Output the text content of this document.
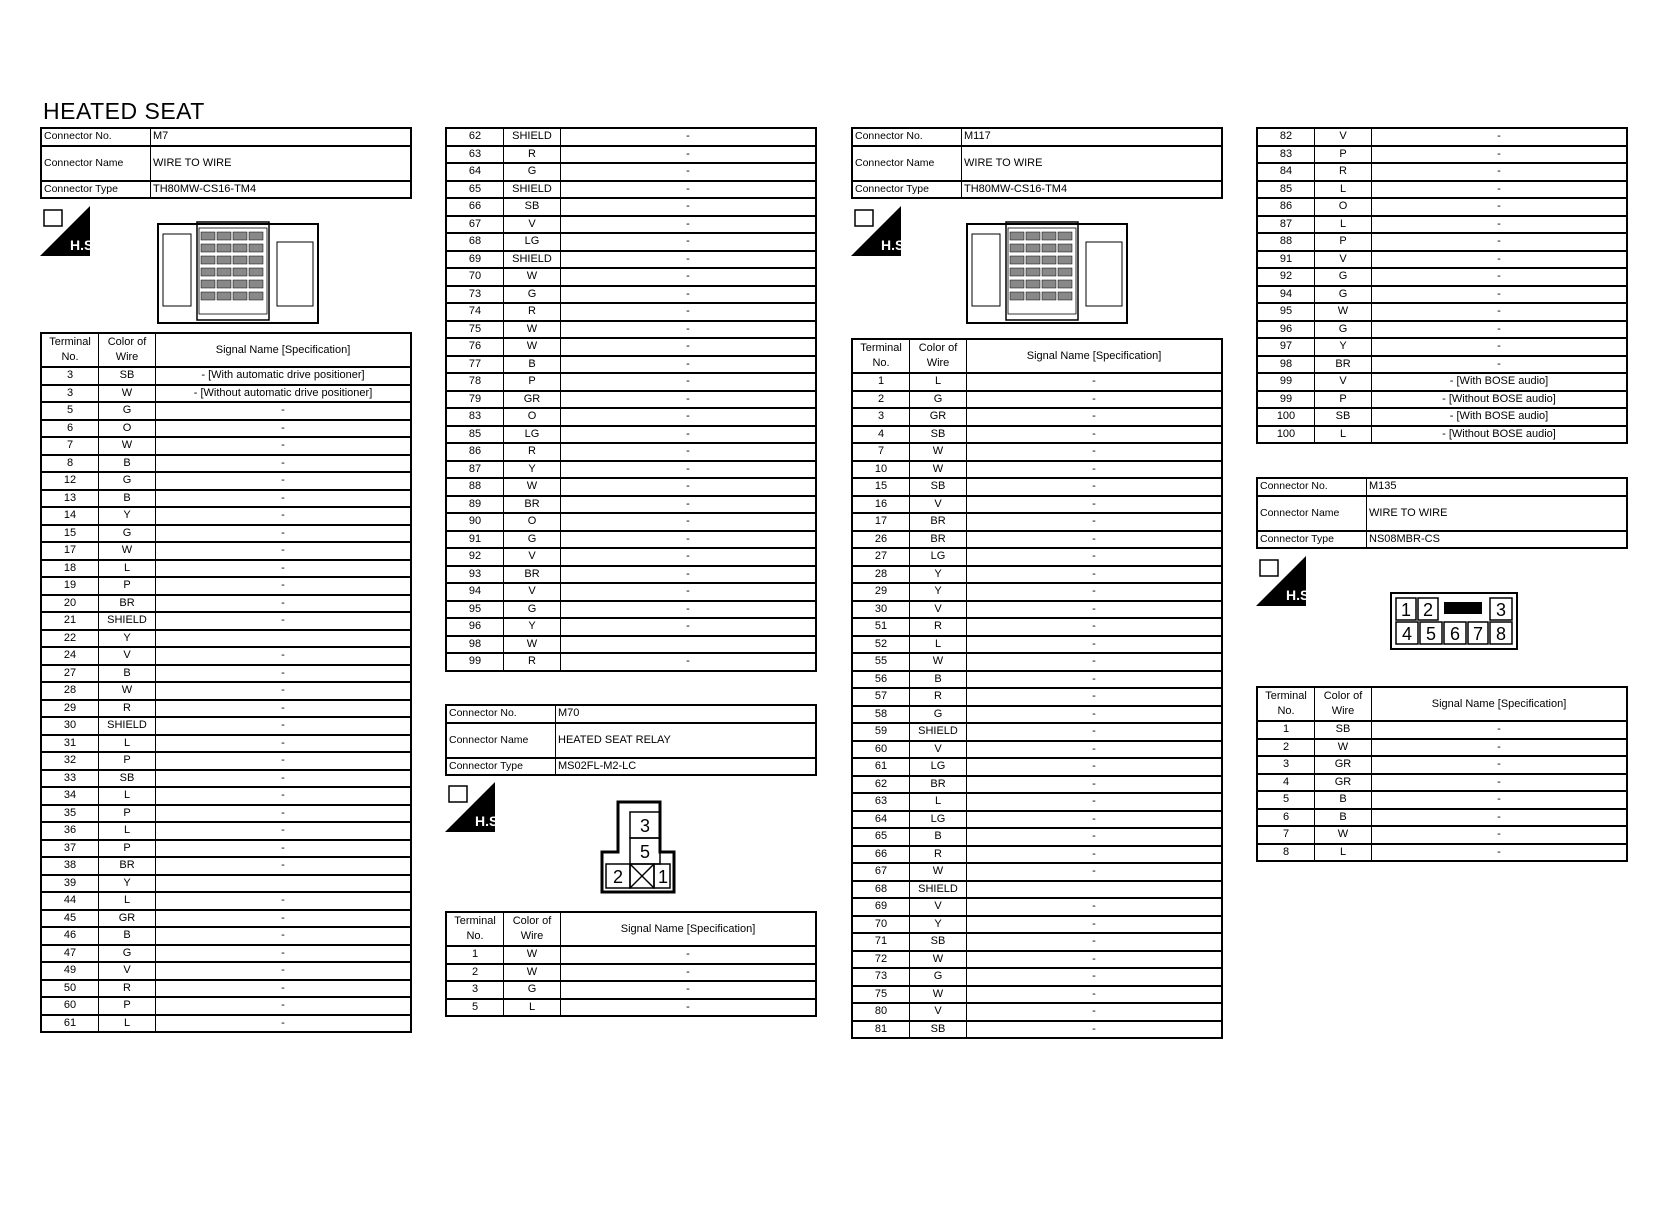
HEATED SEAT
Connector No.	M7
Connector Name	WIRE TO WIRE
Connector Type	TH80MW-CS16-TM4
Terminal No.	Color of Wire	Signal Name [Specification]
3	SB	- [With automatic drive positioner]
3	W	- [Without automatic drive positioner]
5	G	-
6	O	-
7	W	-
8	B	-
12	G	-
13	B	-
14	Y	-
15	G	-
17	W	-
18	L	-
19	P	-
20	BR	-
21	SHIELD	-
22	Y	
24	V	-
27	B	-
28	W	-
29	R	-
30	SHIELD	-
31	L	-
32	P	-
33	SB	-
34	L	-
35	P	-
36	L	-
37	P	-
38	BR	-
39	Y	
44	L	-
45	GR	-
46	B	-
47	G	-
49	V	-
50	R	-
60	P	-
61	L	-
H.S.
62	SHIELD	-
63	R	-
64	G	-
65	SHIELD	-
66	SB	-
67	V	-
68	LG	-
69	SHIELD	-
70	W	-
73	G	-
74	R	-
75	W	-
76	W	-
77	B	-
78	P	-
79	GR	-
83	O	-
85	LG	-
86	R	-
87	Y	-
88	W	-
89	BR	-
90	O	-
91	G	-
92	V	-
93	BR	-
94	V	-
95	G	-
96	Y	-
98	W	
99	R	-
Connector No.	M70
Connector Name	HEATED SEAT RELAY
Connector Type	MS02FL-M2-LC
Terminal No.	Color of Wire	Signal Name [Specification]
1	W	-
2	W	-
3	G	-
5	L	-
H.S.	3
5
2 1
Connector No.	M117
Connector Name	WIRE TO WIRE
Connector Type	TH80MW-CS16-TM4
Terminal No.	Color of Wire	Signal Name [Specification]
1	L	-
2	G	-
3	GR	-
4	SB	-
7	W	-
10	W	-
15	SB	-
16	V	-
17	BR	-
26	BR	-
27	LG	-
28	Y	-
29	Y	-
30	V	-
51	R	-
52	L	-
55	W	-
56	B	-
57	R	-
58	G	-
59	SHIELD	-
60	V	-
61	LG	-
62	BR	-
63	L	-
64	LG	-
65	B	-
66	R	-
67	W	-
68	SHIELD	
69	V	-
70	Y	-
71	SB	-
72	W	-
73	G	-
75	W	-
80	V	-
81	SB	-
H.S.
82	V	-
83	P	-
84	R	-
85	L	-
86	O	-
87	L	-
88	P	-
91	V	-
92	G	-
94	G	-
95	W	-
96	G	-
97	Y	-
98	BR	-
99	V	- [With BOSE audio]
99	P	- [Without BOSE audio]
100	SB	- [With BOSE audio]
100	L	- [Without BOSE audio]
Connector No.	M135
Connector Name	WIRE TO WIRE
Connector Type	NS08MBR-CS
Terminal No.	Color of Wire	Signal Name [Specification]
1	SB	-
2	W	-
3	GR	-
4	GR	-
5	B	-
6	B	-
7	W	-
8	L	-
H.S.
1 2	3
4 5 6 7 8
